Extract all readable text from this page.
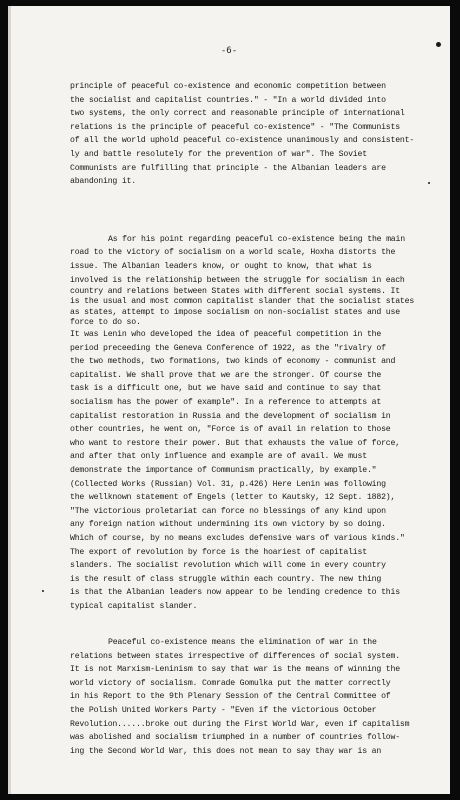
-6-
principle of peaceful co-existence and economic competition between
the socialist and capitalist countries." - "In a world divided into
two systems, the only correct and reasonable principle of international
relations is the principle of peaceful co-existence" - "The Communists
of all the world uphold peaceful co-existence unanimously and consistent-
ly and battle resolutely for the prevention of war". The Soviet
Communists are fulfilling that principle - the Albanian leaders are
abandoning it.
As for his point regarding peaceful co-existence being the main
road to the victory of socialism on a world scale, Hoxha distorts the
issue. The Albanian leaders know, or ought to know, that what is
involved is the relationship between the struggle for socialism in each
country and relations between States with different social systems. It
is the usual and most common capitalist slander that the socialist states
as states, attempt to impose socialism on non-socialist states and use
force to do so.
It was Lenin who developed the idea of peaceful competition in the
period preceeding the Geneva Conference of 1922, as the "rivalry of
the two methods, two formations, two kinds of economy - communist and
capitalist. We shall prove that we are the stronger. Of course the
task is a difficult one, but we have said and continue to say that
socialism has the power of example". In a reference to attempts at
capitalist restoration in Russia and the development of socialism in
other countries, he went on, "Force is of avail in relation to those
who want to restore their power. But that exhausts the value of force,
and after that only influence and example are of avail. We must
demonstrate the importance of Communism practically, by example."
(Collected Works (Russian) Vol. 31, p.426) Here Lenin was following
the wellknown statement of Engels (letter to Kautsky, 12 Sept. 1882),
"The victorious proletariat can force no blessings of any kind upon
any foreign nation without undermining its own victory by so doing.
Which of course, by no means excludes defensive wars of various kinds."
The export of revolution by force is the hoariest of capitalist
slanders. The socialist revolution which will come in every country
is the result of class struggle within each country. The new thing
is that the Albanian leaders now appear to be lending credence to this
typical capitalist slander.
Peaceful co-existence means the elimination of war in the
relations between states irrespective of differences of social system.
It is not Marxism-Leninism to say that war is the means of winning the
world victory of socialism. Comrade Gomulka put the matter correctly
in his Report to the 9th Plenary Session of the Central Committee of
the Polish United Workers Party - "Even if the victorious October
Revolution......broke out during the First World War, even if capitalism
was abolished and socialism triumphed in a number of countries follow-
ing the Second World War, this does not mean to say thay war is an
